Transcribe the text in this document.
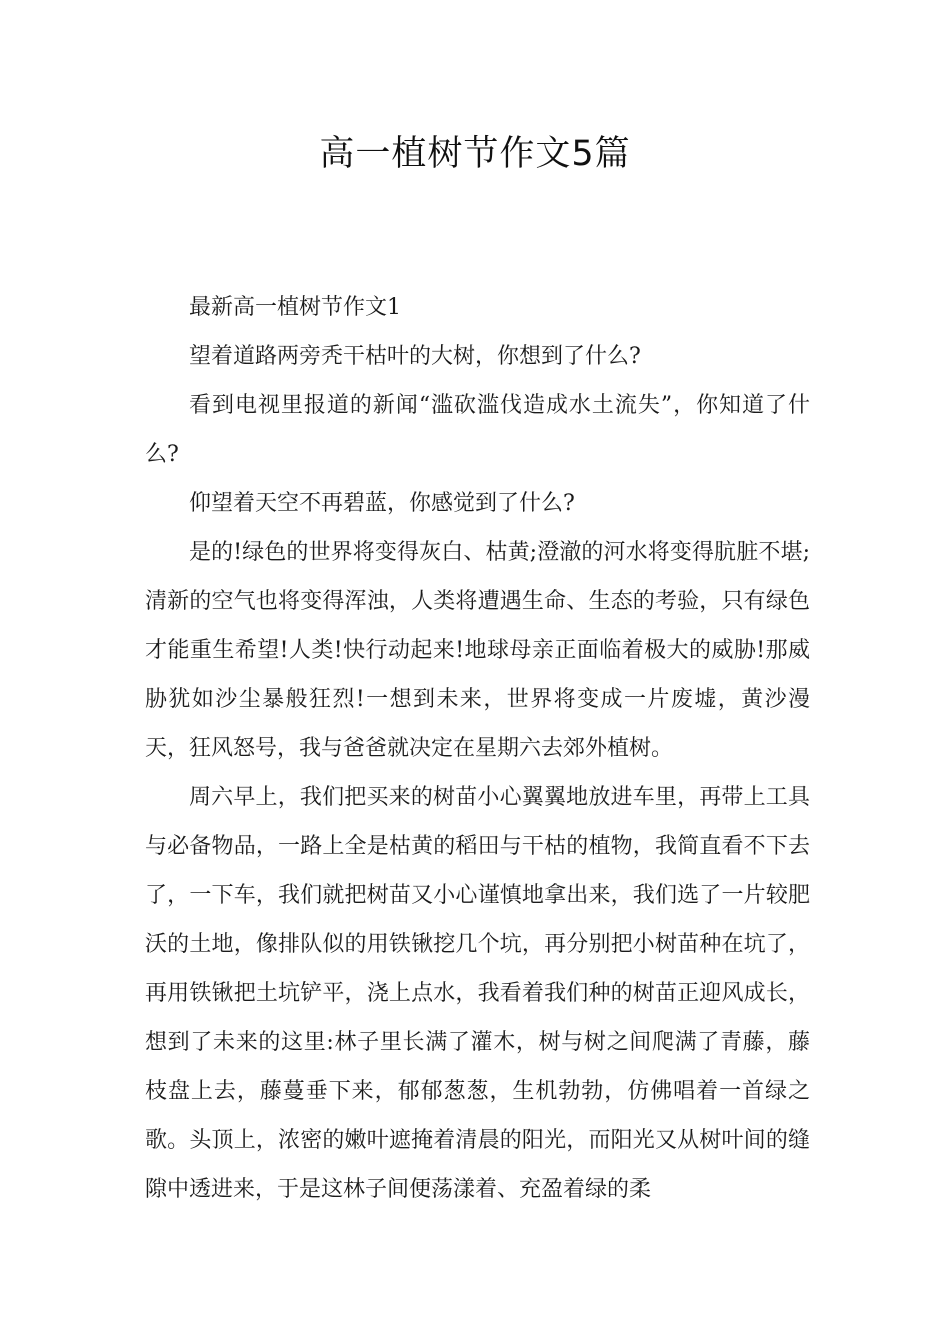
高一植树节作文5篇

最新高一植树节作文1

望着道路两旁秃干枯叶的大树，你想到了什么?

看到电视里报道的新闻“滥砍滥伐造成水土流失”，你知道了什么?

仰望着天空不再碧蓝，你感觉到了什么?

是的!绿色的世界将变得灰白、枯黄;澄澈的河水将变得肮脏不堪;清新的空气也将变得浑浊，人类将遭遇生命、生态的考验，只有绿色才能重生希望!人类!快行动起来!地球母亲正面临着极大的威胁!那威胁犹如沙尘暴般狂烈!一想到未来，世界将变成一片废墟，黄沙漫天，狂风怒号，我与爸爸就决定在星期六去郊外植树。

周六早上，我们把买来的树苗小心翼翼地放进车里，再带上工具与必备物品，一路上全是枯黄的稻田与干枯的植物，我简直看不下去了，一下车，我们就把树苗又小心谨慎地拿出来，我们选了一片较肥沃的土地，像排队似的用铁锹挖几个坑，再分别把小树苗种在坑了，再用铁锹把土坑铲平，浇上点水，我看着我们种的树苗正迎风成长，想到了未来的这里:林子里长满了灌木，树与树之间爬满了青藤，藤枝盘上去，藤蔓垂下来，郁郁葱葱，生机勃勃，仿佛唱着一首绿之歌。头顶上，浓密的嫩叶遮掩着清晨的阳光，而阳光又从树叶间的缝隙中透进来，于是这林子间便荡漾着、充盈着绿的柔
